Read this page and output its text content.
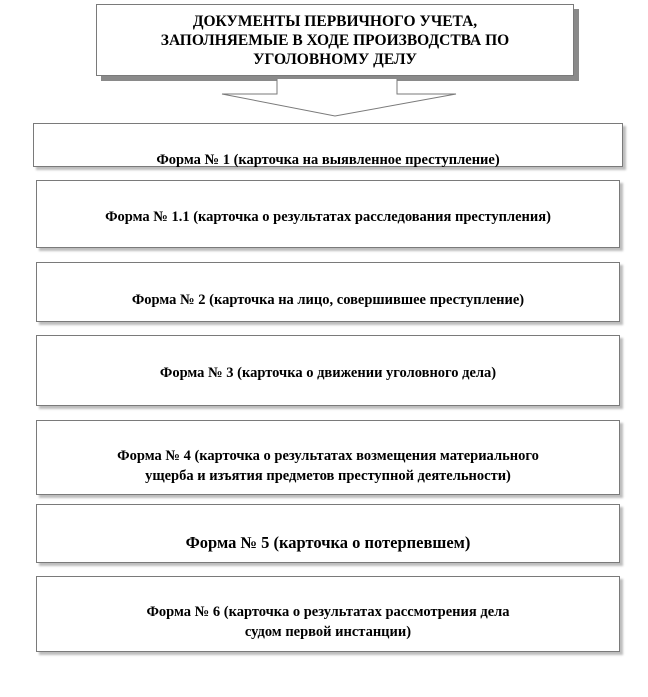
ДОКУМЕНТЫ ПЕРВИЧНОГО УЧЕТА,
ЗАПОЛНЯЕМЫЕ В ХОДЕ ПРОИЗВОДСТВА ПО
УГОЛОВНОМУ ДЕЛУ

Форма № 1 (карточка на выявленное преступление)

Форма № 1.1 (карточка о результатах расследования преступления)

Форма № 2 (карточка на лицо, совершившее преступление)

Форма № 3 (карточка о движении уголовного дела)

Форма № 4 (карточка о результатах возмещения материального
ущерба и изъятия предметов преступной деятельности)

Форма № 5 (карточка о потерпевшем)

Форма № 6 (карточка о результатах рассмотрения дела
судом первой инстанции)
